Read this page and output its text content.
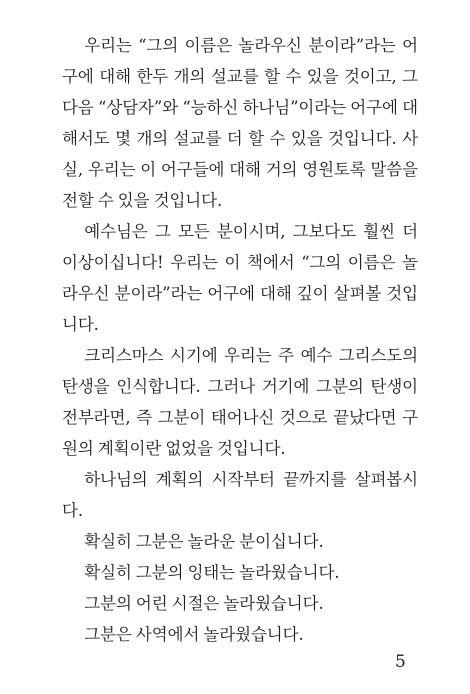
우리는 “그의 이름은 놀라우신 분이라”라는 어구에 대해 한두 개의 설교를 할 수 있을 것이고, 그 다음 “상담자”와 “능하신 하나님”이라는 어구에 대해서도 몇 개의 설교를 더 할 수 있을 것입니다. 사실, 우리는 이 어구들에 대해 거의 영원토록 말씀을 전할 수 있을 것입니다.

예수님은 그 모든 분이시며, 그보다도 훨씬 더 이상이십니다! 우리는 이 책에서 “그의 이름은 놀라우신 분이라”라는 어구에 대해 깊이 살펴볼 것입니다.

크리스마스 시기에 우리는 주 예수 그리스도의 탄생을 인식합니다. 그러나 거기에 그분의 탄생이 전부라면, 즉 그분이 태어나신 것으로 끝났다면 구원의 계획이란 없었을 것입니다.

하나님의 계획의 시작부터 끝까지를 살펴봅시다.

확실히 그분은 놀라운 분이십니다.

확실히 그분의 잉태는 놀라웠습니다.

그분의 어린 시절은 놀라웠습니다.

그분은 사역에서 놀라웠습니다.

5
